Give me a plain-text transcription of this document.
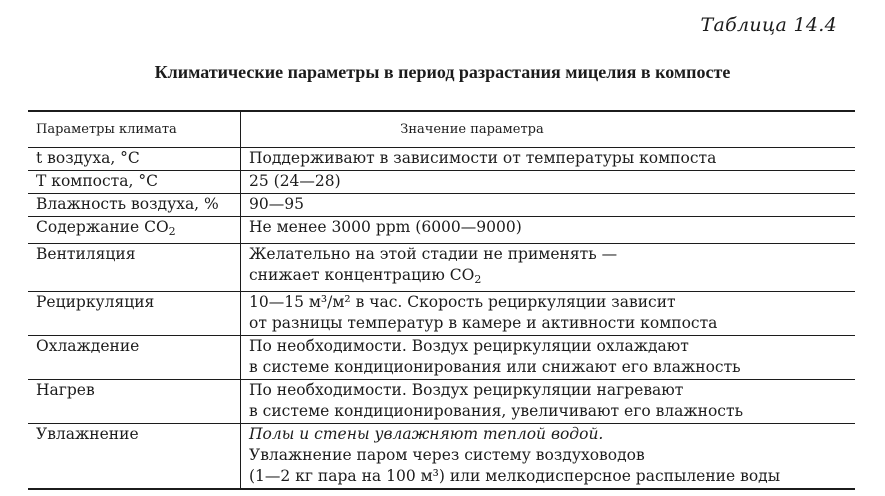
Таблица 14.4
Климатические параметры в период разрастания мицелия в компосте
Параметры климата	Значение параметра
t воздуха, °С	Поддерживают в зависимости от температуры компоста

Т компоста, °С	25 (24—28)

Влажность воздуха, %	90—95

Содержание $СО_2$	Не менее 3000 ppm (6000—9000)

Вентиляция	Желательно на этой стадии не применять —
снижает концентрацию $СО_2$

Рециркуляция	10—15 м³/м² в час. Скорость рециркуляции зависит
от разницы температур в камере и активности компоста

Охлаждение	По необходимости. Воздух рециркуляции охлаждают
в системе кондиционирования или снижают его влажность

Нагрев	По необходимости. Воздух рециркуляции нагревают
в системе кондиционирования, увеличивают его влажность

Увлажнение	Полы и стены увлажняют теплой водой.
Увлажнение паром через систему воздуховодов
(1—2 кг пара на 100 м³) или мелкодисперсное распыление воды
